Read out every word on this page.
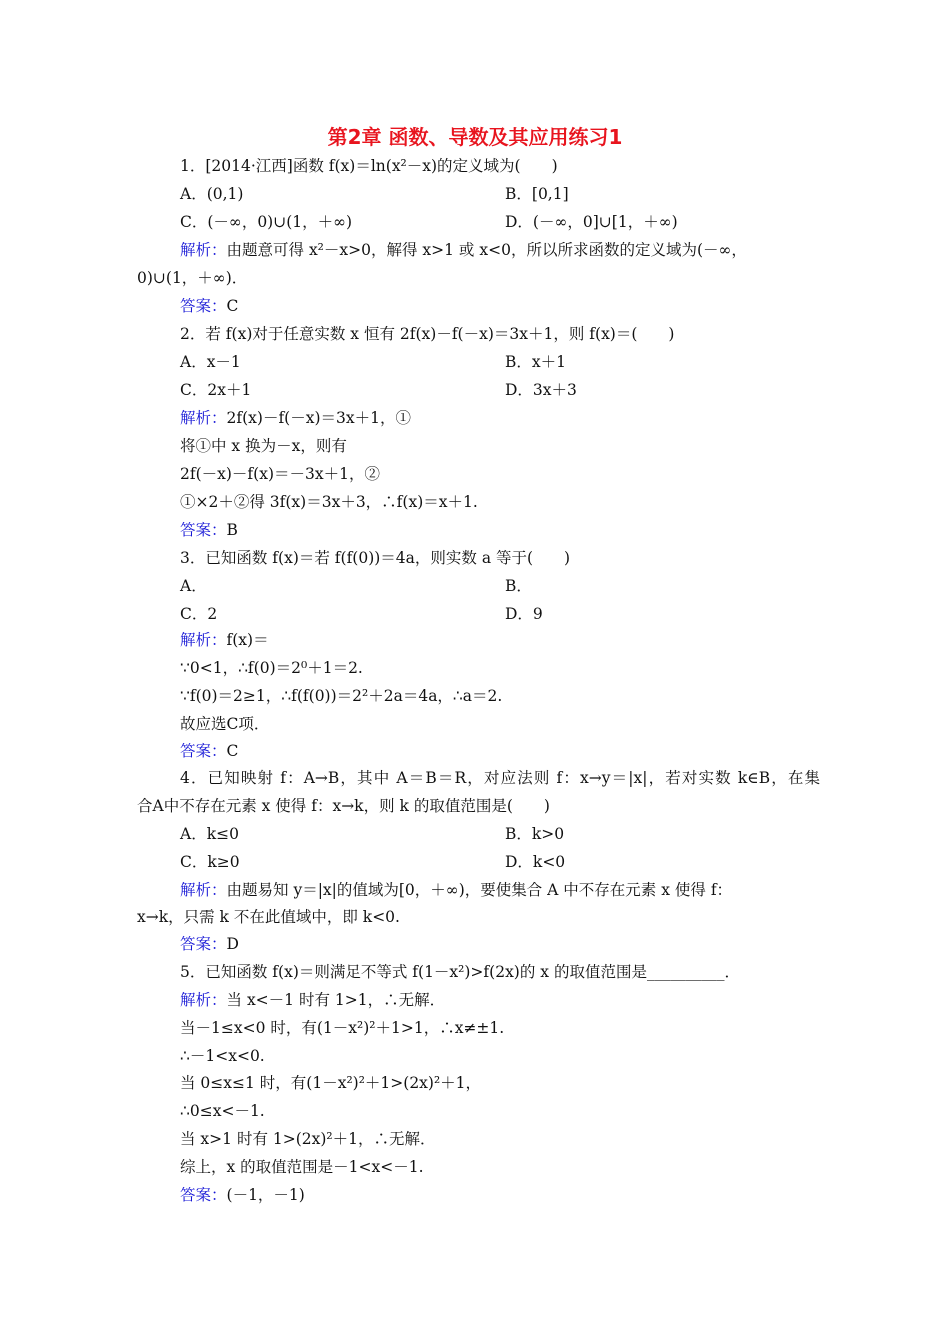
第2章 函数、导数及其应用练习1
1．[2014·江西]函数 f(x)＝ln(x²－x)的定义域为(　　)
A．(0,1)	B．[0,1]
C．(－∞，0)∪(1，＋∞)	D．(－∞，0]∪[1，＋∞)
解析：由题意可得 x²－x>0，解得 x>1 或 x<0，所以所求函数的定义域为(－∞，
0)∪(1，＋∞)．
答案：C
2．若 f(x)对于任意实数 x 恒有 2f(x)－f(－x)＝3x＋1，则 f(x)＝(　　)
A．x－1	B．x＋1
C．2x＋1	D．3x＋3
解析：2f(x)－f(－x)＝3x＋1，①
将①中 x 换为－x，则有
2f(－x)－f(x)＝－3x＋1，②
①×2＋②得 3f(x)＝3x＋3，∴f(x)＝x＋1.
答案：B
3．已知函数 f(x)＝若 f(f(0))＝4a，则实数 a 等于(　　)
A．	B．
C．2	D．9
解析：f(x)＝
∵0<1，∴f(0)＝2⁰＋1＝2.
∵f(0)＝2≥1，∴f(f(0))＝2²＋2a＝4a，∴a＝2.
故应选C项．
答案：C
4．已知映射 f：A→B，其中 A＝B＝R，对应法则 f：x→y＝|x|，若对实数 k∈B，在集
合A中不存在元素 x 使得 f：x→k，则 k 的取值范围是(　　)
A．k≤0	B．k>0
C．k≥0	D．k<0
解析：由题易知 y＝|x|的值域为[0，＋∞)，要使集合 A 中不存在元素 x 使得 f：
x→k，只需 k 不在此值域中，即 k<0.
答案：D
5．已知函数 f(x)＝则满足不等式 f(1－x²)>f(2x)的 x 的取值范围是__________．
解析：当 x<－1 时有 1>1，∴无解．
当－1≤x<0 时，有(1－x²)²＋1>1，∴x≠±1.
∴－1<x<0.
当 0≤x≤1 时，有(1－x²)²＋1>(2x)²＋1，
∴0≤x<－1.
当 x>1 时有 1>(2x)²＋1，∴无解．
综上，x 的取值范围是－1<x<－1.
答案：(－1，－1)
